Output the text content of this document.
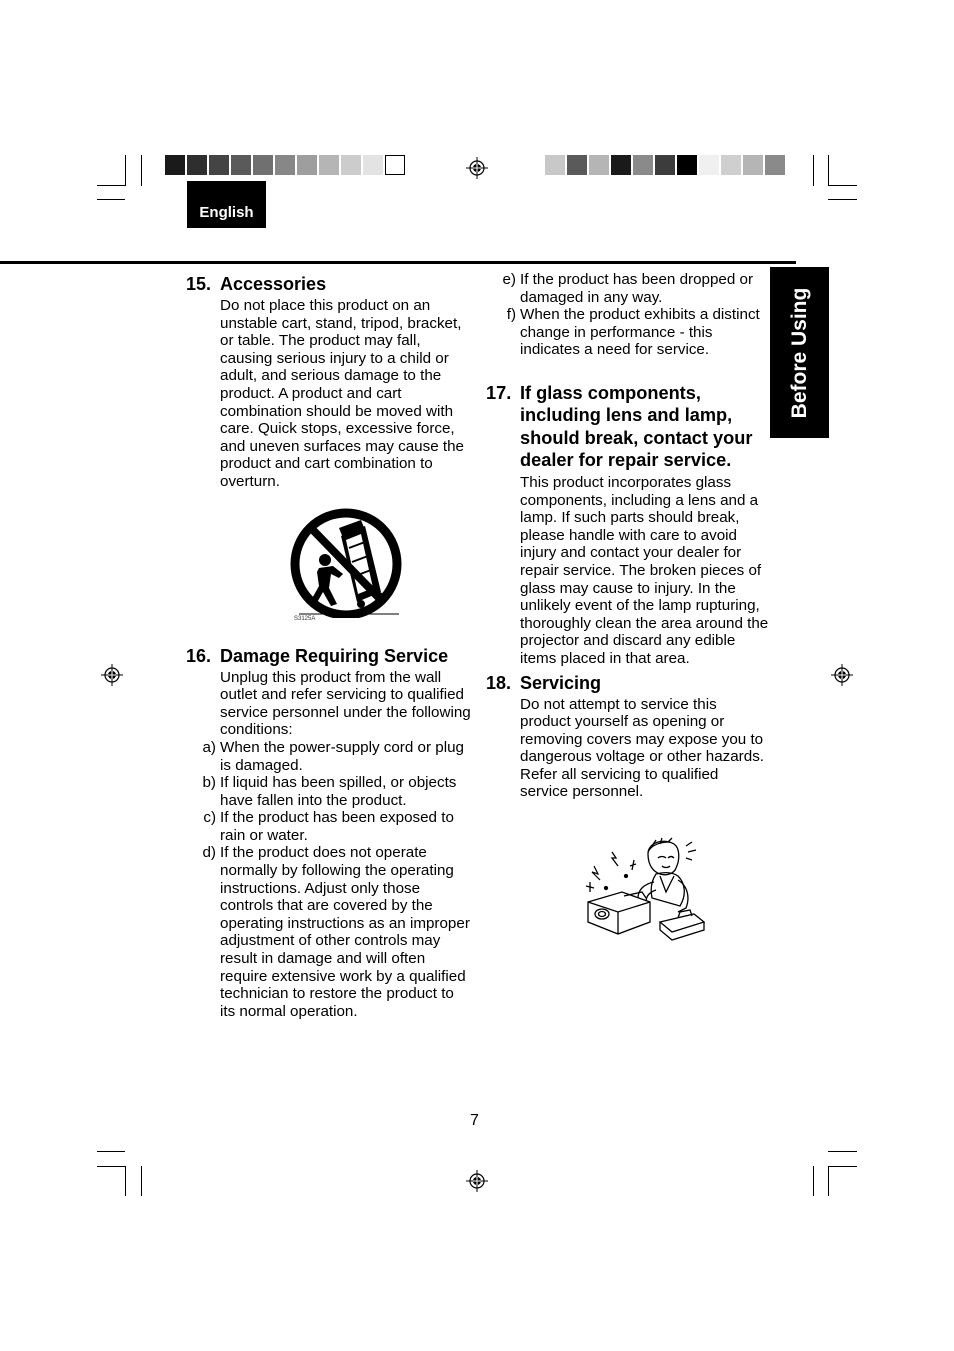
English
Before Using
15. Accessories
Do not place this product on an unstable cart, stand, tripod, bracket, or table. The product may fall, causing serious injury to a child or adult, and serious damage to the product. A product and cart combination should be moved with care. Quick stops, excessive force, and uneven surfaces may cause the product and cart combination to overturn.
16. Damage Requiring Service
Unplug this product from the wall outlet and refer servicing to qualified service personnel under the following conditions:
a) When the power-supply cord or plug is damaged.
b) If liquid has been spilled, or objects have fallen into the product.
c) If the product has been exposed to rain or water.
d) If the product does not operate normally by following the operating instructions. Adjust only those controls that are covered by the operating instructions as an improper adjustment of other controls may result in damage and will often require extensive work by a qualified technician to restore the product to its normal operation.
S3125A
e) If the product has been dropped or damaged in any way.
f) When the product exhibits a distinct change in performance - this indicates a need for service.
17. If glass components, including lens and lamp, should break, contact your dealer for repair service.
This product incorporates glass components, including a lens and a lamp. If such parts should break, please handle with care to avoid injury and contact your dealer for repair service. The broken pieces of glass may cause to injury. In the unlikely event of the lamp rupturing, thoroughly clean the area around the projector and discard any edible items placed in that area.
18. Servicing
Do not attempt to service this product yourself as opening or removing covers may expose you to dangerous voltage or other hazards. Refer all servicing to qualified service personnel.
7
